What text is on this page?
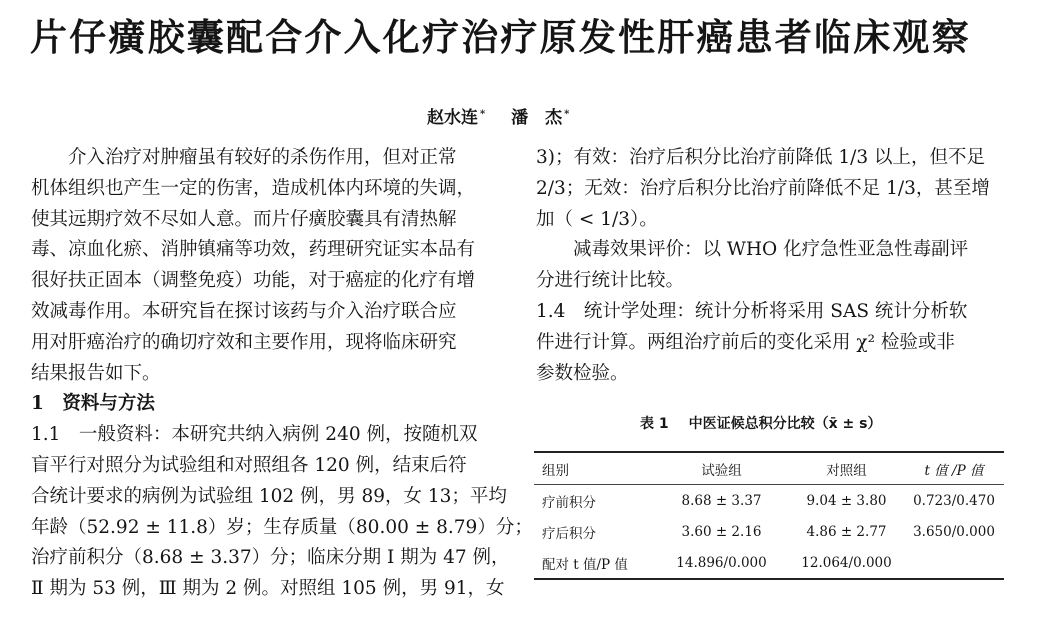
片仔癀胶囊配合介入化疗治疗原发性肝癌患者临床观察
赵水连 * 潘　杰 *

介入治疗对肿瘤虽有较好的杀伤作用，但对正常
机体组织也产生一定的伤害，造成机体内环境的失调，
使其远期疗效不尽如人意。而片仔癀胶囊具有清热解
毒、凉血化瘀、消肿镇痛等功效，药理研究证实本品有
很好扶正固本（调整免疫）功能，对于癌症的化疗有增
效减毒作用。本研究旨在探讨该药与介入治疗联合应
用对肝癌治疗的确切疗效和主要作用，现将临床研究
结果报告如下。

1　资料与方法

1.1　一般资料：本研究共纳入病例 240 例，按随机双
盲平行对照分为试验组和对照组各 120 例，结束后符
合统计要求的病例为试验组 102 例，男 89，女 13；平均
年龄（52.92 ± 11.8）岁；生存质量（80.00 ± 8.79）分；
治疗前积分（8.68 ± 3.37）分；临床分期 Ⅰ 期为 47 例，
Ⅱ 期为 53 例，Ⅲ 期为 2 例。对照组 105 例，男 91，女

3)；有效：治疗后积分比治疗前降低 1/3 以上，但不足
2/3；无效：治疗后积分比治疗前降低不足 1/3，甚至增
加（ < 1/3）。

减毒效果评价：以 WHO 化疗急性亚急性毒副评
分进行统计比较。

1.4　统计学处理：统计分析将采用 SAS 统计分析软
件进行计算。两组治疗前后的变化采用 χ² 检验或非
参数检验。

表 1 中医证候总积分比较（x̄ ± s）
组别	试验组	对照组	t 值 /P 值
疗前积分	8.68 ± 3.37	9.04 ± 3.80	0.723/0.470
疗后积分	3.60 ± 2.16	4.86 ± 2.77	3.650/0.000
配对 t 值/P 值	14.896/0.000	12.064/0.000	
